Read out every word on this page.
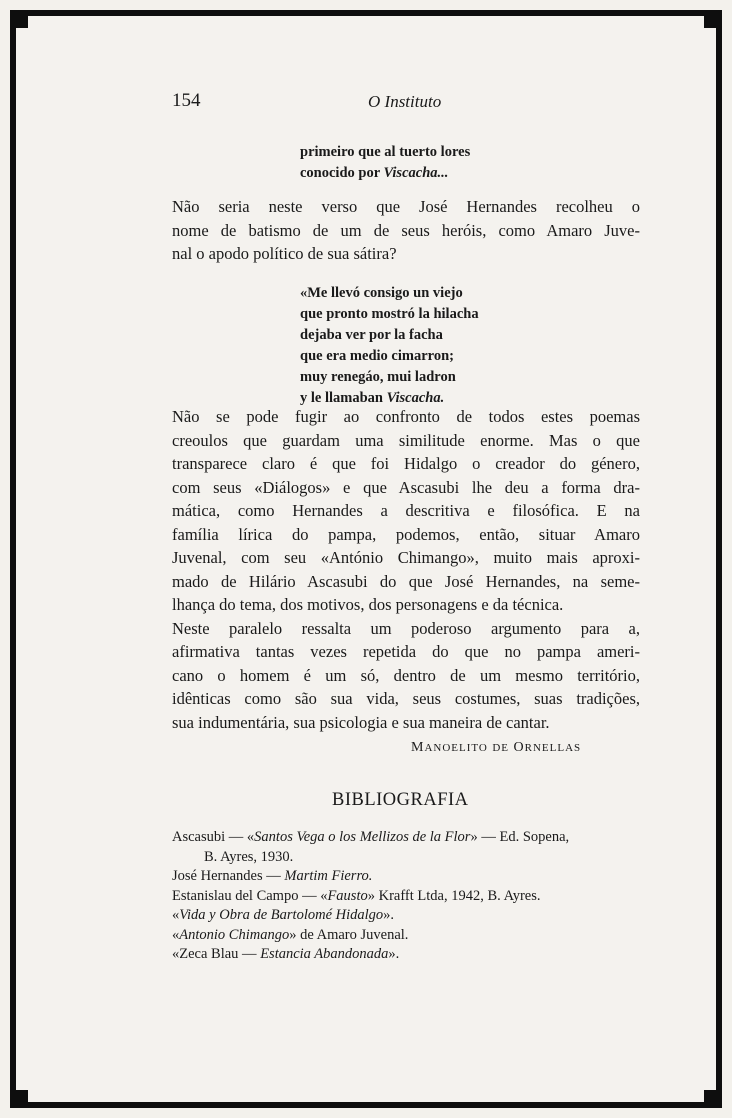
154	O Instituto
primeiro que al tuerto lores
conocido por Viscacha...
Não seria neste verso que José Hernandes recolheu o
nome de batismo de um de seus heróis, como Amaro Juve-
nal o apodo político de sua sátira?
«Me llevó consigo un viejo
que pronto mostró la hilacha
dejaba ver por la facha
que era medio cimarron;
muy renegáo, mui ladron
y le llamaban Viscacha.
Não se pode fugir ao confronto de todos estes poemas
creoulos que guardam uma similitude enorme. Mas o que
transparece claro é que foi Hidalgo o creador do género,
com seus «Diálogos» e que Ascasubi lhe deu a forma dra-
mática, como Hernandes a descritiva e filosófica. E na
família lírica do pampa, podemos, então, situar Amaro
Juvenal, com seu «António Chimango», muito mais aproxi-
mado de Hilário Ascasubi do que José Hernandes, na seme-
lhança do tema, dos motivos, dos personagens e da técnica.
Neste paralelo ressalta um poderoso argumento para a,
afirmativa tantas vezes repetida do que no pampa ameri-
cano o homem é um só, dentro de um mesmo território,
idênticas como são sua vida, seus costumes, suas tradições,
sua indumentária, sua psicologia e sua maneira de cantar.
MANOELITO DE ORNELLAS
BIBLIOGRAFIA
Ascasubi — «Santos Vega o los Mellizos de la Flor» — Ed. Sopena,
B. Ayres, 1930.
José Hernandes — Martim Fierro.
Estanislau del Campo — «Fausto» Krafft Ltda, 1942, B. Ayres.
«Vida y Obra de Bartolomé Hidalgo».
«Antonio Chimango» de Amaro Juvenal.
«Zeca Blau — Estancia Abandonada».
